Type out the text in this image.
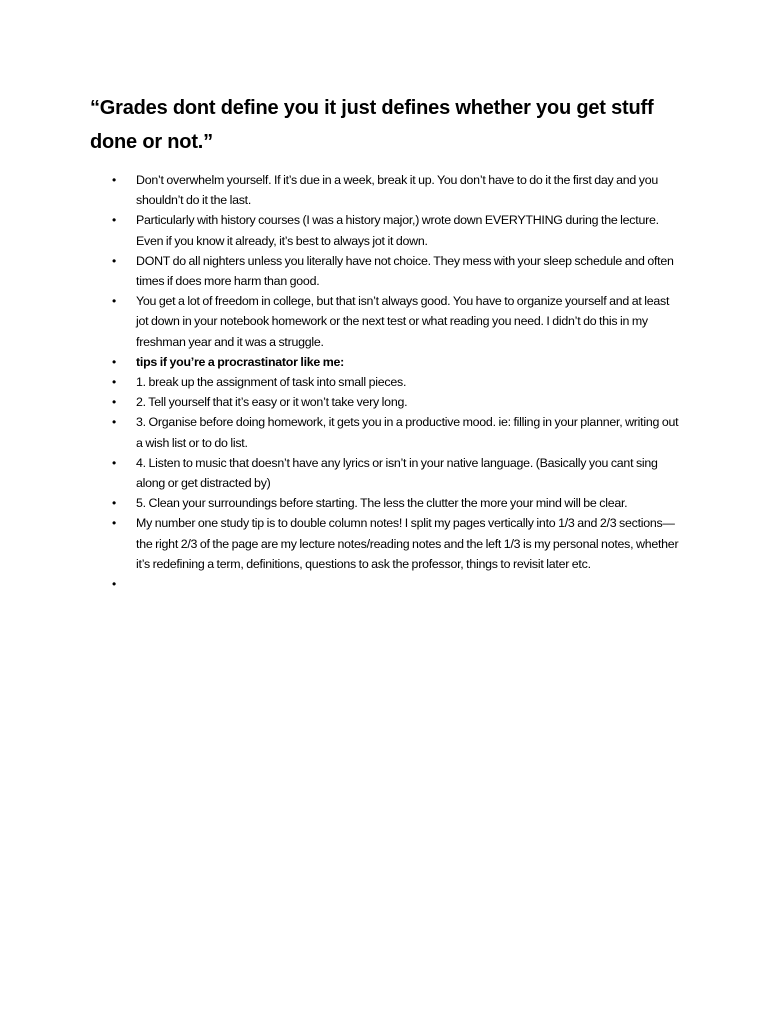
“Grades dont define you it just defines whether you get stuff done or not.”
•	Don’t overwhelm yourself. If it’s due in a week, break it up. You don’t have to do it the first day and you shouldn’t do it the last.
•	Particularly with history courses (I was a history major,) wrote down EVERYTHING during the lecture. Even if you know it already, it’s best to always jot it down.
•	DONT do all nighters unless you literally have not choice. They mess with your sleep schedule and often times if does more harm than good.
•	You get a lot of freedom in college, but that isn’t always good. You have to organize yourself and at least jot down in your notebook homework or the next test or what reading you need. I didn’t do this in my freshman year and it was a struggle.
•	tips if you’re a procrastinator like me:
•	1. break up the assignment of task into small pieces.
•	2. Tell yourself that it’s easy or it won’t take very long.
•	3. Organise before doing homework, it gets you in a productive mood. ie: filling in your planner, writing out a wish list or to do list.
•	4. Listen to music that doesn’t have any lyrics or isn’t in your native language. (Basically you cant sing along or get distracted by)
•	5. Clean your surroundings before starting. The less the clutter the more your mind will be clear.
•	My number one study tip is to double column notes! I split my pages vertically into 1/3 and 2/3 sections—the right 2/3 of the page are my lecture notes/reading notes and the left 1/3 is my personal notes, whether it’s redefining a term, definitions, questions to ask the professor, things to revisit later etc.
•
